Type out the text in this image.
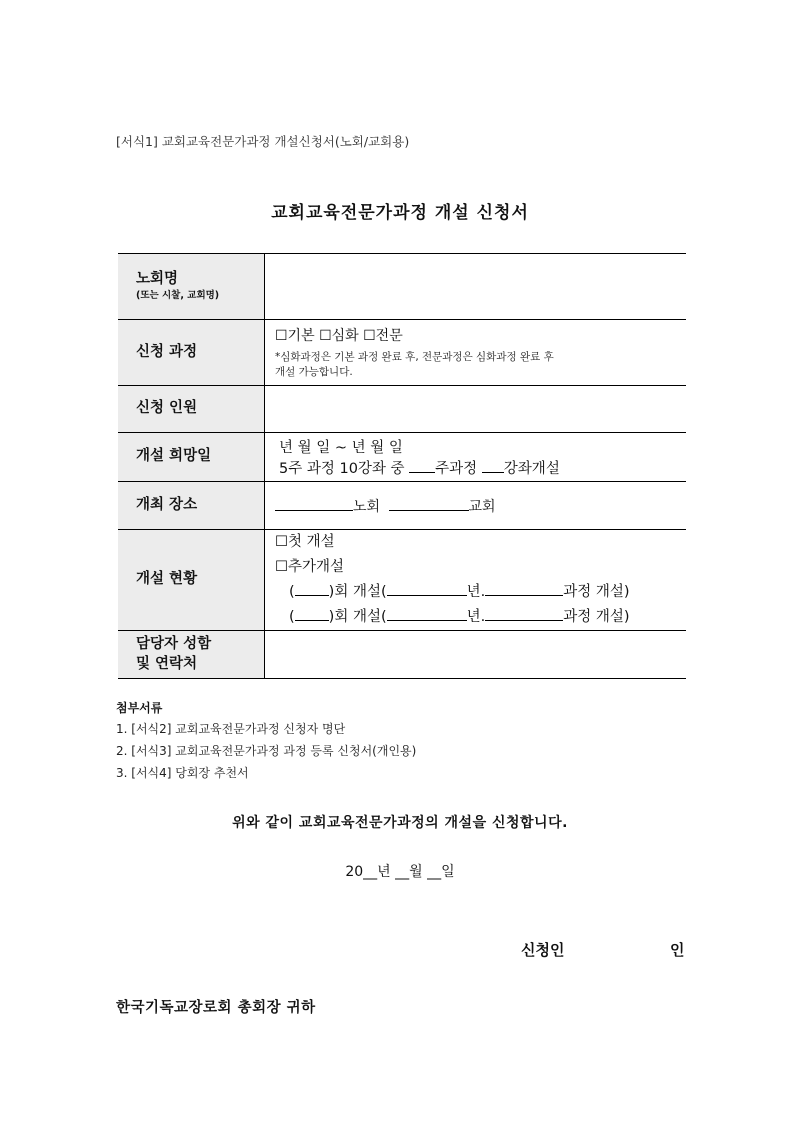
[서식1] 교회교육전문가과정 개설신청서(노회/교회용)
교회교육전문가과정 개설 신청서
노회명
(또는 시찰, 교회명)	

신청 과정	☐기본 ☐심화 ☐전문
*심화과정은 기본 과정 완료 후, 전문과정은 심화과정 완료 후
개설 가능합니다.

신청 인원	
개설 희망일	년 월 일 ~ 년 월 일
5주 과정 10강좌 중 주과정 강좌개설

개최 장소	노회 교회
개설 현황	☐첫 개설
☐추가개설
( )회 개설( 년. 과정 개설)
( )회 개설( 년. 과정 개설)

담당자 성함
및 연락처	

첨부서류
1. [서식2] 교회교육전문가과정 신청자 명단
2. [서식3] 교회교육전문가과정 과정 등록 신청서(개인용)
3. [서식4] 당회장 추천서
위와 같이 교회교육전문가과정의 개설을 신청합니다.
20__년 __월 __일
신청인	인
한국기독교장로회 총회장 귀하
